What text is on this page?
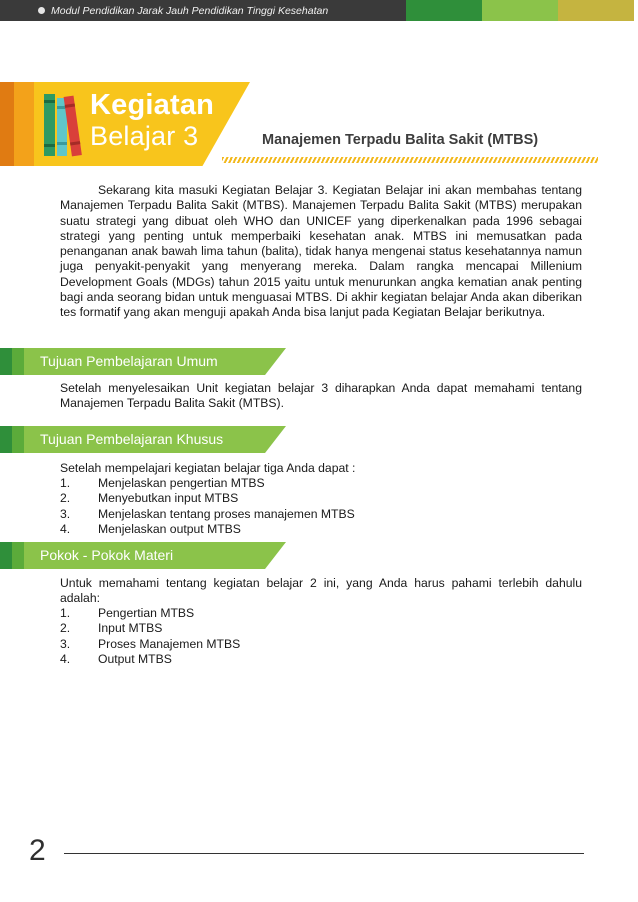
Modul Pendidikan Jarak Jauh Pendidikan Tinggi Kesehatan
Kegiatan
Belajar 3	Manajemen Terpadu Balita Sakit (MTBS)

Sekarang kita masuki Kegiatan Belajar 3. Kegiatan Belajar ini akan membahas tentang Manajemen Terpadu Balita Sakit (MTBS). Manajemen Terpadu Balita Sakit (MTBS) merupakan suatu strategi yang dibuat oleh WHO dan UNICEF yang diperkenalkan pada 1996 sebagai strategi yang penting untuk memperbaiki kesehatan anak. MTBS ini memusatkan pada penanganan anak bawah lima tahun (balita), tidak hanya mengenai status kesehatannya namun juga penyakit-penyakit yang menyerang mereka. Dalam rangka mencapai Millenium Development Goals (MDGs) tahun 2015 yaitu untuk menurunkan angka kematian anak penting bagi anda seorang bidan untuk menguasai MTBS. Di akhir kegiatan belajar Anda akan diberikan tes formatif yang akan menguji apakah Anda bisa lanjut pada Kegiatan Belajar berikutnya.

Tujuan Pembelajaran Umum

Setelah menyelesaikan Unit kegiatan belajar 3 diharapkan Anda dapat memahami tentang Manajemen Terpadu Balita Sakit (MTBS).

Tujuan Pembelajaran Khusus

Setelah mempelajari kegiatan belajar tiga Anda dapat :

1.	Menjelaskan pengertian MTBS
2.	Menyebutkan input MTBS
3.	Menjelaskan tentang proses manajemen MTBS
4.	Menjelaskan output MTBS
Pokok - Pokok Materi

Untuk memahami tentang kegiatan belajar 2 ini, yang Anda harus pahami terlebih dahulu adalah:

1.	Pengertian MTBS
2.	Input MTBS
3.	Proses Manajemen MTBS
4.	Output MTBS
2
